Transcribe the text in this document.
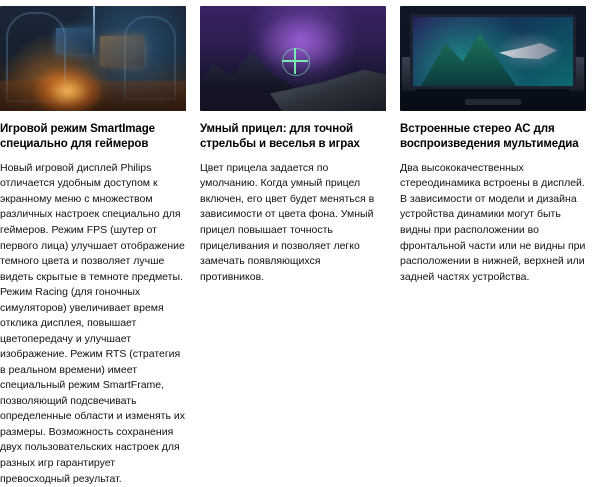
Игровой режим SmartImage специально для геймеров

Новый игровой дисплей Philips отличается удобным доступом к экранному меню с множеством различных настроек специально для геймеров. Режим FPS (шутер от первого лица) улучшает отображение темного цвета и позволяет лучше видеть скрытые в темноте предметы. Режим Racing (для гоночных симуляторов) увеличивает время отклика дисплея, повышает цветопередачу и улучшает изображение. Режим RTS (стратегия в реальном времени) имеет специальный режим SmartFrame, позволяющий подсвечивать определенные области и изменять их размеры. Возможность сохранения двух пользовательских настроек для разных игр гарантирует превосходный результат.

Умный прицел: для точной стрельбы и веселья в играх

Цвет прицела задается по умолчанию. Когда умный прицел включен, его цвет будет меняться в зависимости от цвета фона. Умный прицел повышает точность прицеливания и позволяет легко замечать появляющихся противников.

Встроенные стерео АС для воспроизведения мультимедиа

Два высококачественных стереодинамика встроены в дисплей. В зависимости от модели и дизайна устройства динамики могут быть видны при расположении во фронтальной части или не видны при расположении в нижней, верхней или задней частях устройства.
